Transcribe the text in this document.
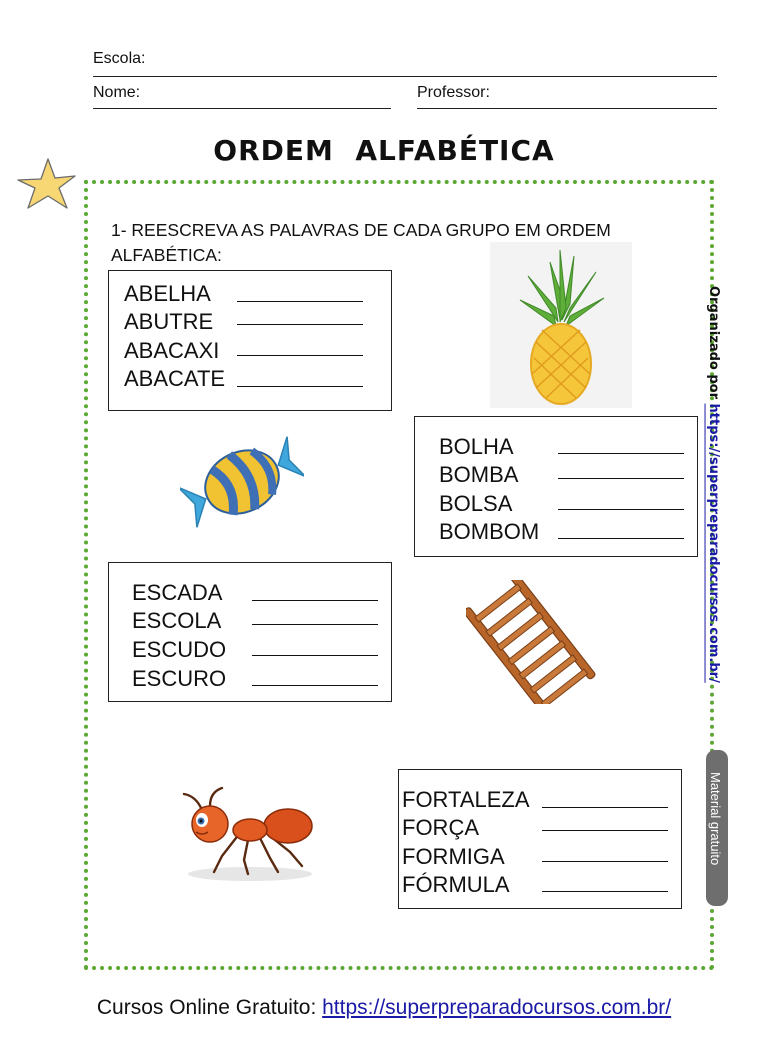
Escola:
Nome:	Professor:
ORDEM  ALFABÉTICA
1- REESCREVA AS PALAVRAS DE CADA GRUPO EM ORDEM ALFABÉTICA:
ABELHA
ABUTRE
ABACAXI
ABACATE
BOLHA
BOMBA
BOLSA
BOMBOM
ESCADA
ESCOLA
ESCUDO
ESCURO
FORTALEZA
FORÇA
FORMIGA
FÓRMULA
Organizado por https://superpreparadocursos.com.br/
Material gratuito
Cursos Online Gratuito: https://superpreparadocursos.com.br/
